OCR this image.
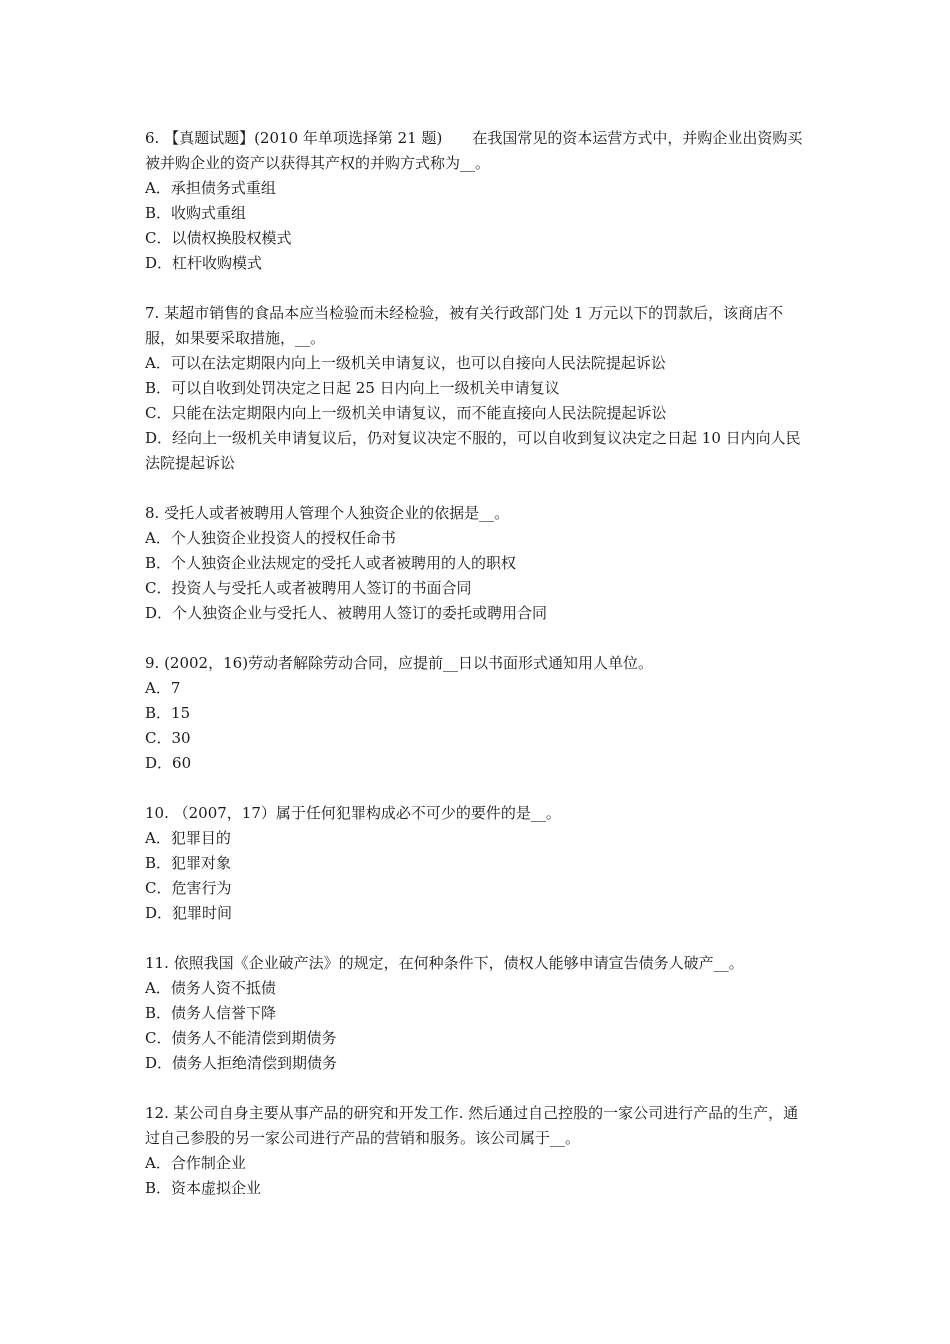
6. 【真题试题】(2010 年单项选择第 21 题)　　在我国常见的资本运营方式中，并购企业出资购买被并购企业的资产以获得其产权的并购方式称为__。
A．承担债务式重组
B．收购式重组
C．以债权换股权模式
D．杠杆收购模式
7. 某超市销售的食品本应当检验而未经检验，被有关行政部门处 1 万元以下的罚款后，该商店不服，如果要采取措施，__。
A．可以在法定期限内向上一级机关申请复议，也可以自接向人民法院提起诉讼
B．可以自收到处罚决定之日起 25 日内向上一级机关申请复议
C．只能在法定期限内向上一级机关申请复议，而不能直接向人民法院提起诉讼
D．经向上一级机关申请复议后，仍对复议决定不服的，可以自收到复议决定之日起 10 日内向人民法院提起诉讼
8. 受托人或者被聘用人管理个人独资企业的依据是__。
A．个人独资企业投资人的授权任命书
B．个人独资企业法规定的受托人或者被聘用的人的职权
C．投资人与受托人或者被聘用人签订的书面合同
D．个人独资企业与受托人、被聘用人签订的委托或聘用合同
9. (2002，16)劳动者解除劳动合同，应提前__日以书面形式通知用人单位。
A．7
B．15
C．30
D．60
10. （2007，17）属于任何犯罪构成必不可少的要件的是__。
A．犯罪目的
B．犯罪对象
C．危害行为
D．犯罪时间
11. 依照我国《企业破产法》的规定，在何种条件下，债权人能够申请宣告债务人破产__。
A．债务人资不抵债
B．债务人信誉下降
C．债务人不能清偿到期债务
D．债务人拒绝清偿到期债务
12. 某公司自身主要从事产品的研究和开发工作. 然后通过自己控股的一家公司进行产品的生产，通过自己参股的另一家公司进行产品的营销和服务。该公司属于__。
A．合作制企业
B．资本虚拟企业
